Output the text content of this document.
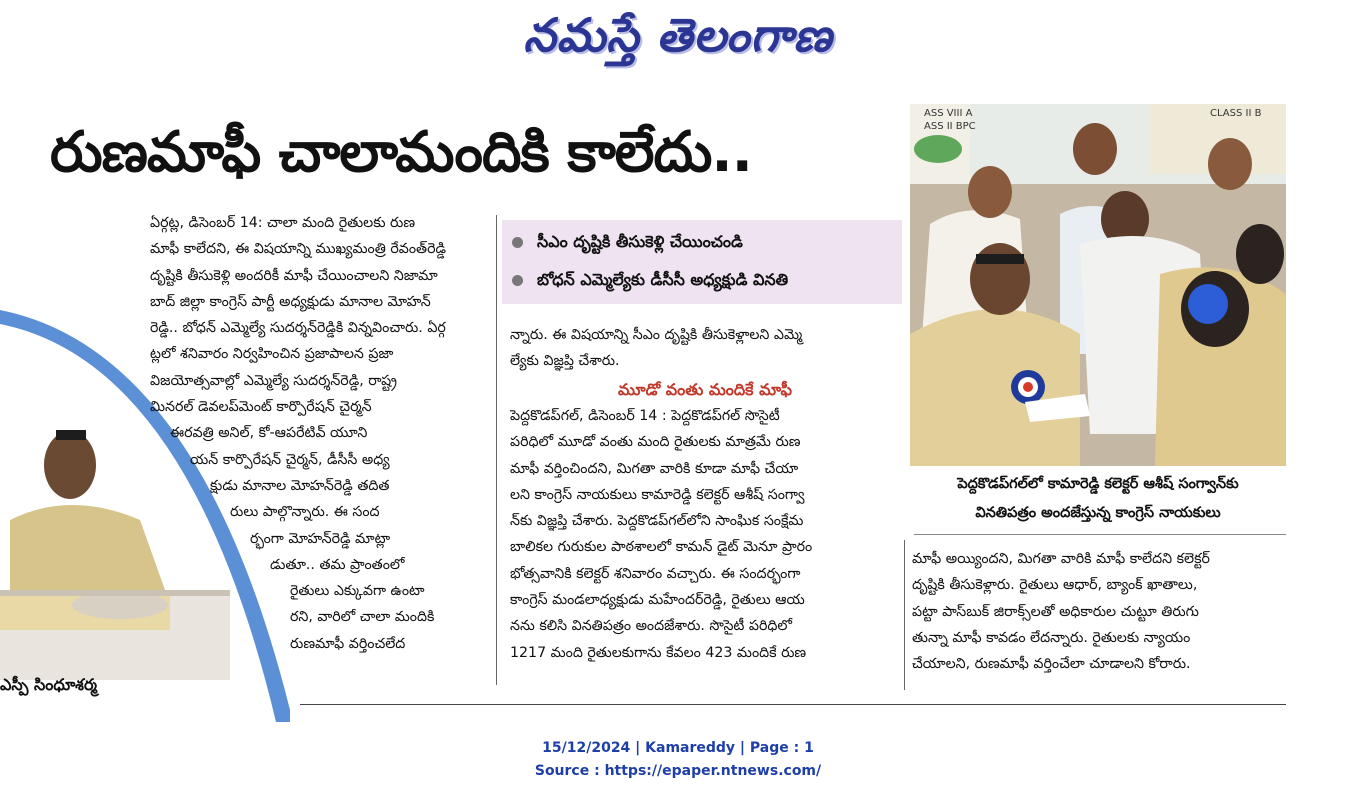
నమస్తే తెలంగాణ
రుణమాఫీ చాలామందికి కాలేదు..
ఏర్గట్ల, డిసెంబర్ 14: చాలా మంది రైతులకు రుణ
మాఫీ కాలేదని, ఈ విషయాన్ని ముఖ్యమంత్రి రేవంత్‌రెడ్డి
దృష్టికి తీసుకెళ్లి అందరికీ మాఫీ చేయించాలని నిజామా
బాద్ జిల్లా కాంగ్రెస్ పార్టీ అధ్యక్షుడు మానాల మోహన్
రెడ్డి.. బోధన్ ఎమ్మెల్యే సుదర్శన్‌రెడ్డికి విన్నవించారు. ఏర్గ
ట్లలో శనివారం నిర్వహించిన ప్రజాపాలన ప్రజా
విజయోత్సవాల్లో ఎమ్మెల్యే సుదర్శన్‌రెడ్డి, రాష్ట్ర
మినరల్ డెవలప్‌మెంట్ కార్పొరేషన్ చైర్మన్
ఈరవత్రి అనిల్, కో-ఆపరేటివ్ యూని
యన్ కార్పొరేషన్ చైర్మన్, డీసీసీ అధ్య
క్షుడు మానాల మోహన్‌రెడ్డి తదిత
రులు పాల్గొన్నారు. ఈ సంద
ర్భంగా మోహన్‌రెడ్డి మాట్లా
డుతూ.. తమ ప్రాంతంలో
రైతులు ఎక్కువగా ఉంటా
రని, వారిలో చాలా మందికి
రుణమాఫీ వర్తించలేద
సీఎం దృష్టికి తీసుకెళ్లి చేయించండి
బోధన్ ఎమ్మెల్యేకు డీసీసీ అధ్యక్షుడి వినతి
న్నారు. ఈ విషయాన్ని సీఎం దృష్టికి తీసుకెళ్లాలని ఎమ్మె
ల్యేకు విజ్ఞప్తి చేశారు.
మూడో వంతు మందికే మాఫీ
పెద్దకొడప్‌గల్, డిసెంబర్ 14 : పెద్దకొడప్‌గల్ సొసైటీ
పరిధిలో మూడో వంతు మంది రైతులకు మాత్రమే రుణ
మాఫీ వర్తించిందని, మిగతా వారికి కూడా మాఫీ చేయా
లని కాంగ్రెస్ నాయకులు కామారెడ్డి కలెక్టర్ ఆశీష్ సంగ్వా
న్‌కు విజ్ఞప్తి చేశారు. పెద్దకొడప్‌గల్‌లోని సాంఘిక సంక్షేమ
బాలికల గురుకుల పాఠశాలలో కామన్ డైట్ మెనూ ప్రారం
భోత్సవానికి కలెక్టర్ శనివారం వచ్చారు. ఈ సందర్భంగా
కాంగ్రెస్ మండలాధ్యక్షుడు మహేందర్‌రెడ్డి, రైతులు ఆయ
నను కలిసి వినతిపత్రం అందజేశారు. సొసైటీ పరిధిలో
1217 మంది రైతులకుగాను కేవలం 423 మందికే రుణ
ASS VIII A
ASS II BPC
CLASS II B
పెద్దకొడప్‌గల్‌లో కామారెడ్డి కలెక్టర్ ఆశీష్ సంగ్వాన్‌కు
వినతిపత్రం అందజేస్తున్న కాంగ్రెస్ నాయకులు
మాఫీ అయ్యిందని, మిగతా వారికి మాఫీ కాలేదని కలెక్టర్
దృష్టికి తీసుకెళ్లారు. రైతులు ఆధార్, బ్యాంక్ ఖాతాలు,
పట్టా పాస్‌బుక్ జిరాక్స్‌లతో అధికారుల చుట్టూ తిరుగు
తున్నా మాఫీ కావడం లేదన్నారు. రైతులకు న్యాయం
చేయాలని, రుణమాఫీ వర్తించేలా చూడాలని కోరారు.
ఎస్పీ సింధూశర్మ
15/12/2024 | Kamareddy | Page : 1
Source : https://epaper.ntnews.com/
